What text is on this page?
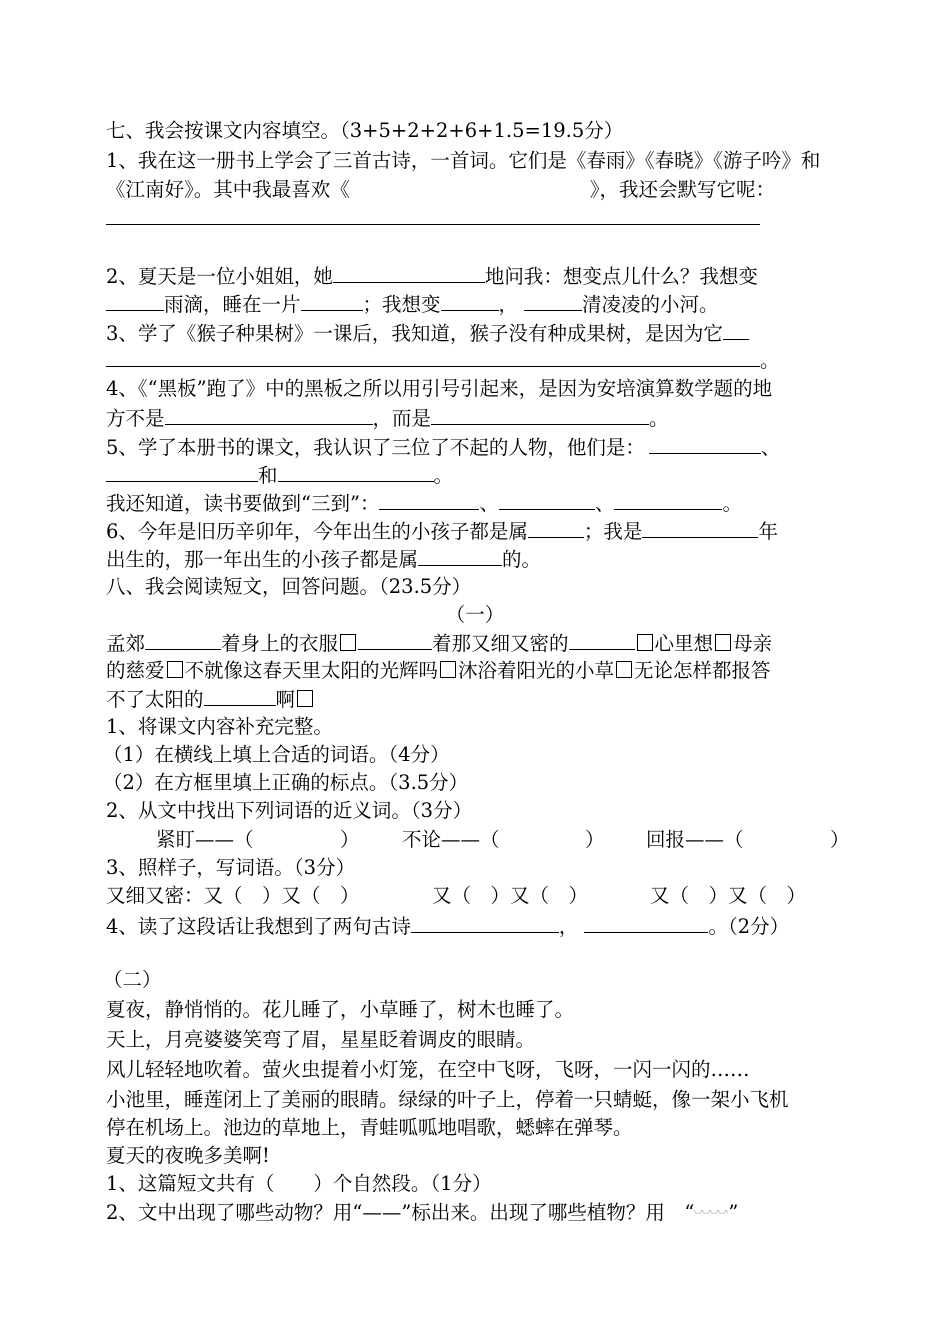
七、我会按课文内容填空。（3+5+2+2+6+1.5=19.5分）
1、我在这一册书上学会了三首古诗，一首词。它们是《春雨》《春晓》《游子吟》和
《江南好》。其中我最喜欢《	》，我还会默写它呢：
2、夏天是一位小姐姐，她	地问我：想变点儿什么？我想变
雨滴，睡在一片	；我想变	，	清凌凌的小河。
3、学了《猴子种果树》一课后，我知道，猴子没有种成果树，是因为它
。
4、《“黑板”跑了》中的黑板之所以用引号引起来，是因为安培演算数学题的地
方不是	，而是	。
5、学了本册书的课文，我认识了三位了不起的人物，他们是：	、
和	。
我还知道，读书要做到“三到”：	、	、	。
6、今年是旧历辛卯年，今年出生的小孩子都是属	；我是	年
出生的，那一年出生的小孩子都是属	的。
八、我会阅读短文，回答问题。（23.5分）
（一）
孟郊	着身上的衣服	着那又细又密的	心里想 母亲
的慈爱 不就像这春天里太阳的光辉吗 沐浴着阳光的小草 无论怎样都报答
不了太阳的	啊
1、将课文内容补充完整。
（1）在横线上填上合适的词语。（4分）
（2）在方框里填上正确的标点。（3.5分）
2、从文中找出下列词语的近义词。（3分）
紧盯——（	） 不论——（	） 回报——（	）
3、照样子，写词语。（3分）
又细又密：又（　）又（　）	又（　）又（　）	又（　）又（　）
4、读了这段话让我想到了两句古诗	，	。（2分）
（二）
夏夜，静悄悄的。花儿睡了，小草睡了，树木也睡了。
天上，月亮婆婆笑弯了眉，星星眨着调皮的眼睛。
风儿轻轻地吹着。萤火虫提着小灯笼，在空中飞呀，飞呀，一闪一闪的……
小池里，睡莲闭上了美丽的眼睛。绿绿的叶子上，停着一只蜻蜓，像一架小飞机
停在机场上。池边的草地上，青蛙呱呱地唱歌，蟋蟀在弹琴。
夏天的夜晚多美啊!
1、这篇短文共有（　　）个自然段。（1分）
2、文中出现了哪些动物？用“——”标出来。出现了哪些植物？用　“ ”
